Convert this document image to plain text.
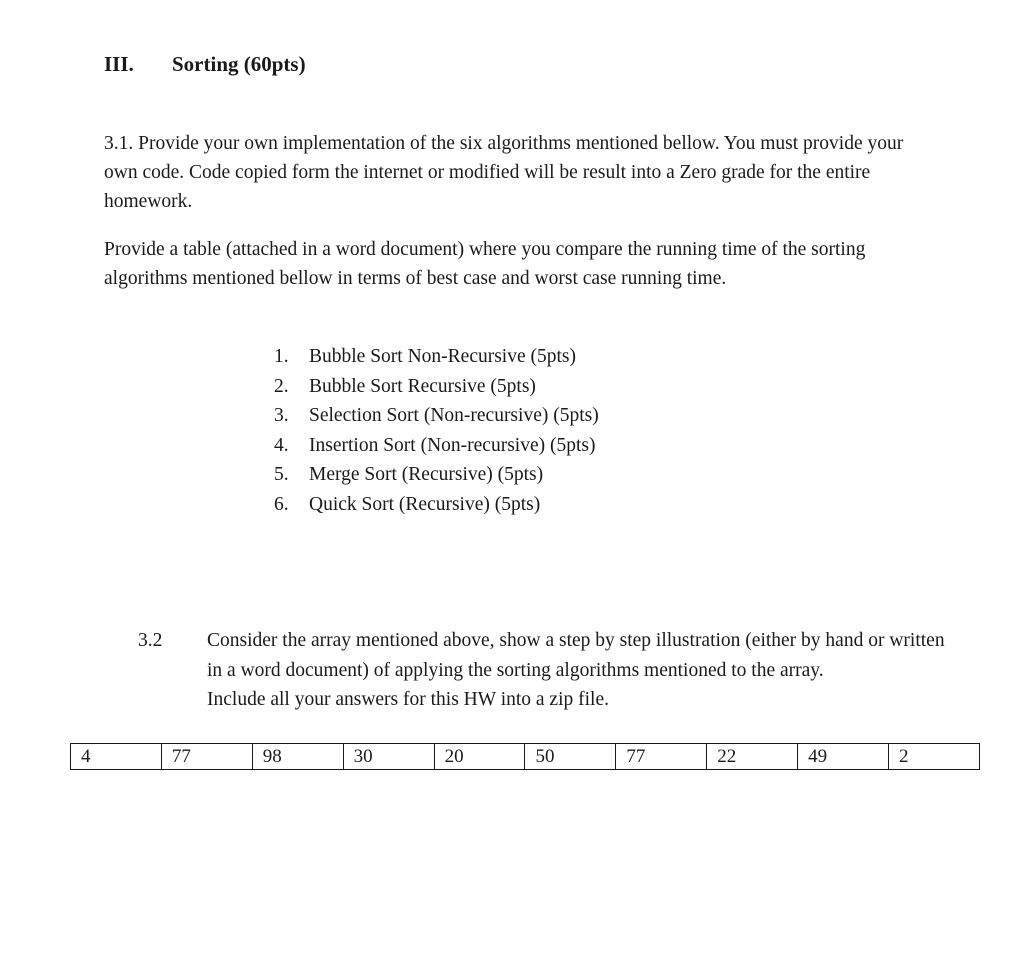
III.	Sorting (60pts)
3.1. Provide your own implementation of the six algorithms mentioned bellow. You must provide your own code. Code copied form the internet or modified will be result into a Zero grade for the entire homework.
Provide a table (attached in a word document) where you compare the running time of the sorting algorithms mentioned bellow in terms of best case and worst case running time.
1.	Bubble Sort Non-Recursive (5pts)
2.	Bubble Sort Recursive (5pts)
3.	Selection Sort (Non-recursive) (5pts)
4.	Insertion Sort (Non-recursive) (5pts)
5.	Merge Sort (Recursive) (5pts)
6.	Quick Sort (Recursive) (5pts)
3.2	Consider the array mentioned above, show a step by step illustration (either by hand or written in a word document) of applying the sorting algorithms mentioned to the array.
Include all your answers for this HW into a zip file.
4	77	98	30	20	50	77	22	49	2
